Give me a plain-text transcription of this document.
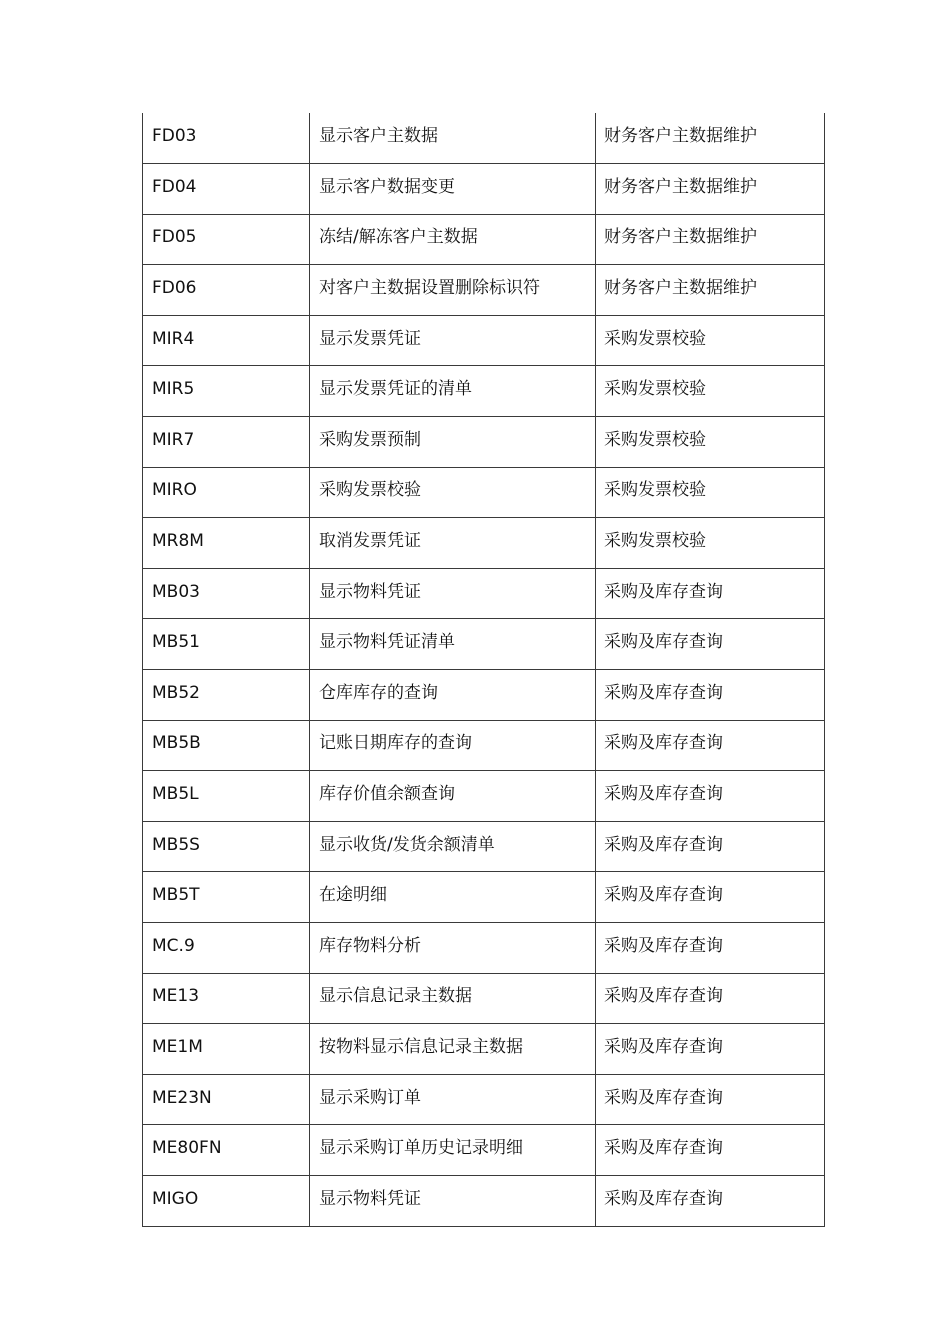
FD03	显示客户主数据	财务客户主数据维护
FD04	显示客户数据变更	财务客户主数据维护
FD05	冻结/解冻客户主数据	财务客户主数据维护
FD06	对客户主数据设置删除标识符	财务客户主数据维护
MIR4	显示发票凭证	采购发票校验
MIR5	显示发票凭证的清单	采购发票校验
MIR7	采购发票预制	采购发票校验
MIRO	采购发票校验	采购发票校验
MR8M	取消发票凭证	采购发票校验
MB03	显示物料凭证	采购及库存查询
MB51	显示物料凭证清单	采购及库存查询
MB52	仓库库存的查询	采购及库存查询
MB5B	记账日期库存的查询	采购及库存查询
MB5L	库存价值余额查询	采购及库存查询
MB5S	显示收货/发货余额清单	采购及库存查询
MB5T	在途明细	采购及库存查询
MC.9	库存物料分析	采购及库存查询
ME13	显示信息记录主数据	采购及库存查询
ME1M	按物料显示信息记录主数据	采购及库存查询
ME23N	显示采购订单	采购及库存查询
ME80FN	显示采购订单历史记录明细	采购及库存查询
MIGO	显示物料凭证	采购及库存查询
